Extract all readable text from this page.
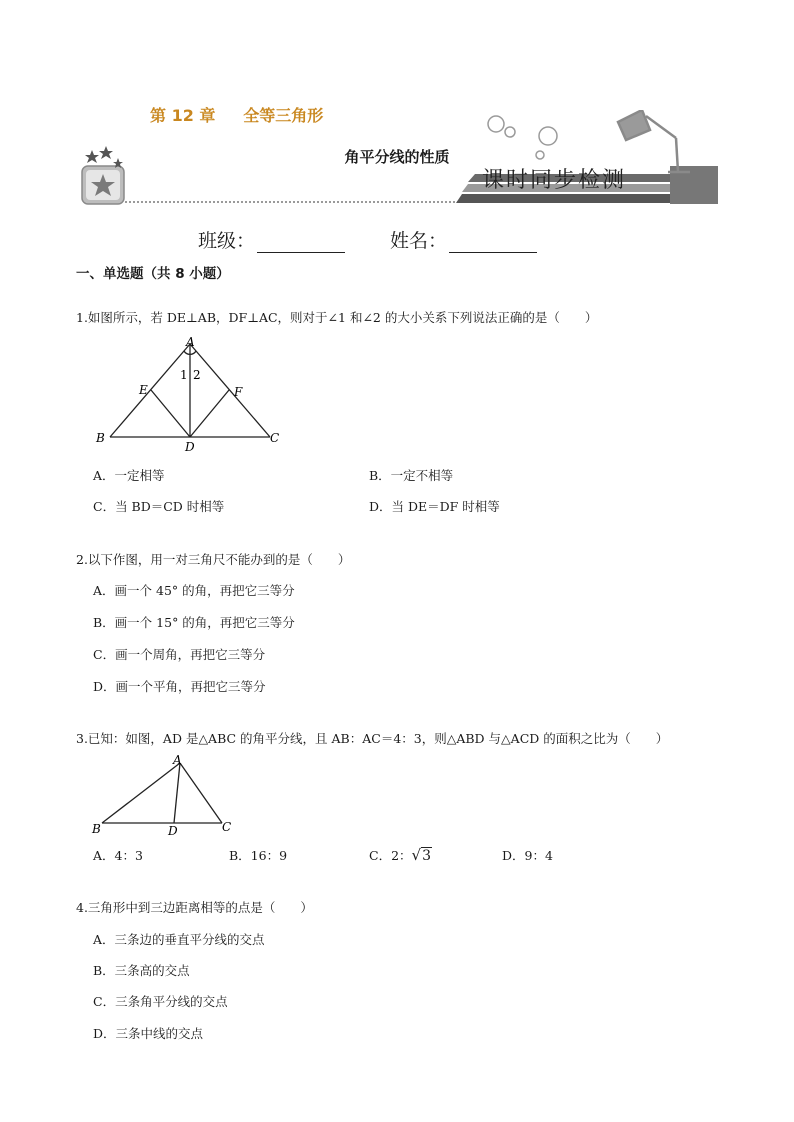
第 12 章 全等三角形
角平分线的性质
课时同步检测
班级：	姓名：
一、单选题（共 8 小题）
1.如图所示，若 DE⊥AB，DF⊥AC，则对于∠1 和∠2 的大小关系下列说法正确的是（　　）
A
B	C
D
E	F
1 2
A．一定相等	B．一定不相等
C．当 BD＝CD 时相等	D．当 DE＝DF 时相等
2.以下作图，用一对三角尺不能办到的是（　　）
A．画一个 45° 的角，再把它三等分
B．画一个 15° 的角，再把它三等分
C．画一个周角，再把它三等分
D．画一个平角，再把它三等分
3.已知：如图，AD 是△ABC 的角平分线，且 AB：AC＝4：3，则△ABD 与△ACD 的面积之比为（　　）
A
B	C
D
A．4：3	B．16：9	C．2：√3	D．9：4
4.三角形中到三边距离相等的点是（　　）
A．三条边的垂直平分线的交点
B．三条高的交点
C．三条角平分线的交点
D．三条中线的交点
